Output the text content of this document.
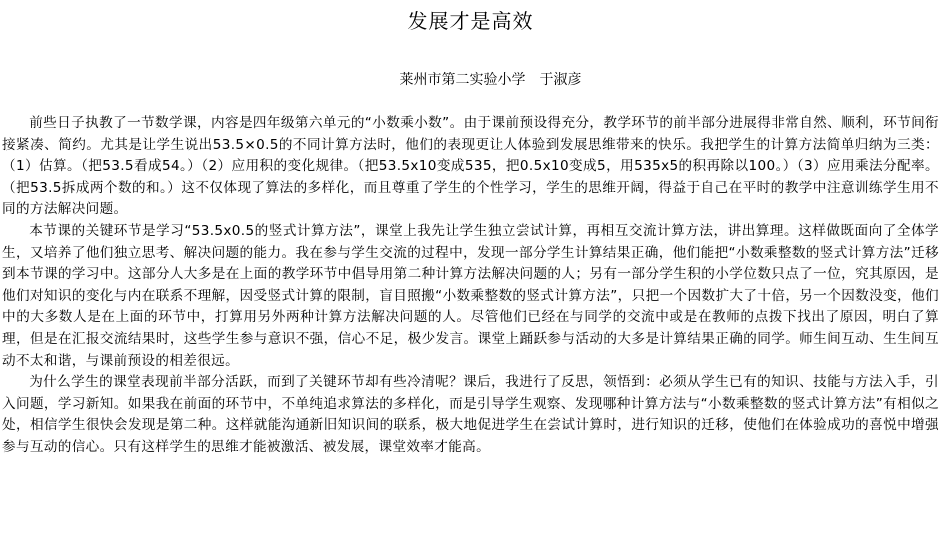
发展才是高效
莱州市第二实验小学　于淑彦

前些日子执教了一节数学课，内容是四年级第六单元的“小数乘小数”。由于课前预设得充分，教学环节的前半部分进展得非常自然、顺利，环节间衔接紧凑、简约。尤其是让学生说出53.5×0.5的不同计算方法时，他们的表现更让人体验到发展思维带来的快乐。我把学生的计算方法简单归纳为三类：（1）估算。（把53.5看成54。）（2）应用积的变化规律。（把53.5x10变成535，把0.5x10变成5，用535x5的积再除以100。）（3）应用乘法分配率。（把53.5拆成两个数的和。）这不仅体现了算法的多样化，而且尊重了学生的个性学习，学生的思维开阔，得益于自己在平时的教学中注意训练学生用不同的方法解决问题。

本节课的关键环节是学习“53.5x0.5的竖式计算方法”，课堂上我先让学生独立尝试计算，再相互交流计算方法，讲出算理。这样做既面向了全体学生，又培养了他们独立思考、解决问题的能力。我在参与学生交流的过程中，发现一部分学生计算结果正确，他们能把“小数乘整数的竖式计算方法”迁移到本节课的学习中。这部分人大多是在上面的教学环节中倡导用第二种计算方法解决问题的人；另有一部分学生积的小学位数只点了一位，究其原因，是他们对知识的变化与内在联系不理解，因受竖式计算的限制，盲目照搬“小数乘整数的竖式计算方法”，只把一个因数扩大了十倍，另一个因数没变，他们中的大多数人是在上面的环节中，打算用另外两种计算方法解决问题的人。尽管他们已经在与同学的交流中或是在教师的点拨下找出了原因，明白了算理，但是在汇报交流结果时，这些学生参与意识不强，信心不足，极少发言。课堂上踊跃参与活动的大多是计算结果正确的同学。师生间互动、生生间互动不太和谐，与课前预设的相差很远。

为什么学生的课堂表现前半部分活跃，而到了关键环节却有些冷清呢？课后，我进行了反思，领悟到：必须从学生已有的知识、技能与方法入手，引入问题，学习新知。如果我在前面的环节中，不单纯追求算法的多样化，而是引导学生观察、发现哪种计算方法与“小数乘整数的竖式计算方法”有相似之处，相信学生很快会发现是第二种。这样就能沟通新旧知识间的联系，极大地促进学生在尝试计算时，进行知识的迁移，使他们在体验成功的喜悦中增强参与互动的信心。只有这样学生的思维才能被激活、被发展，课堂效率才能高。
